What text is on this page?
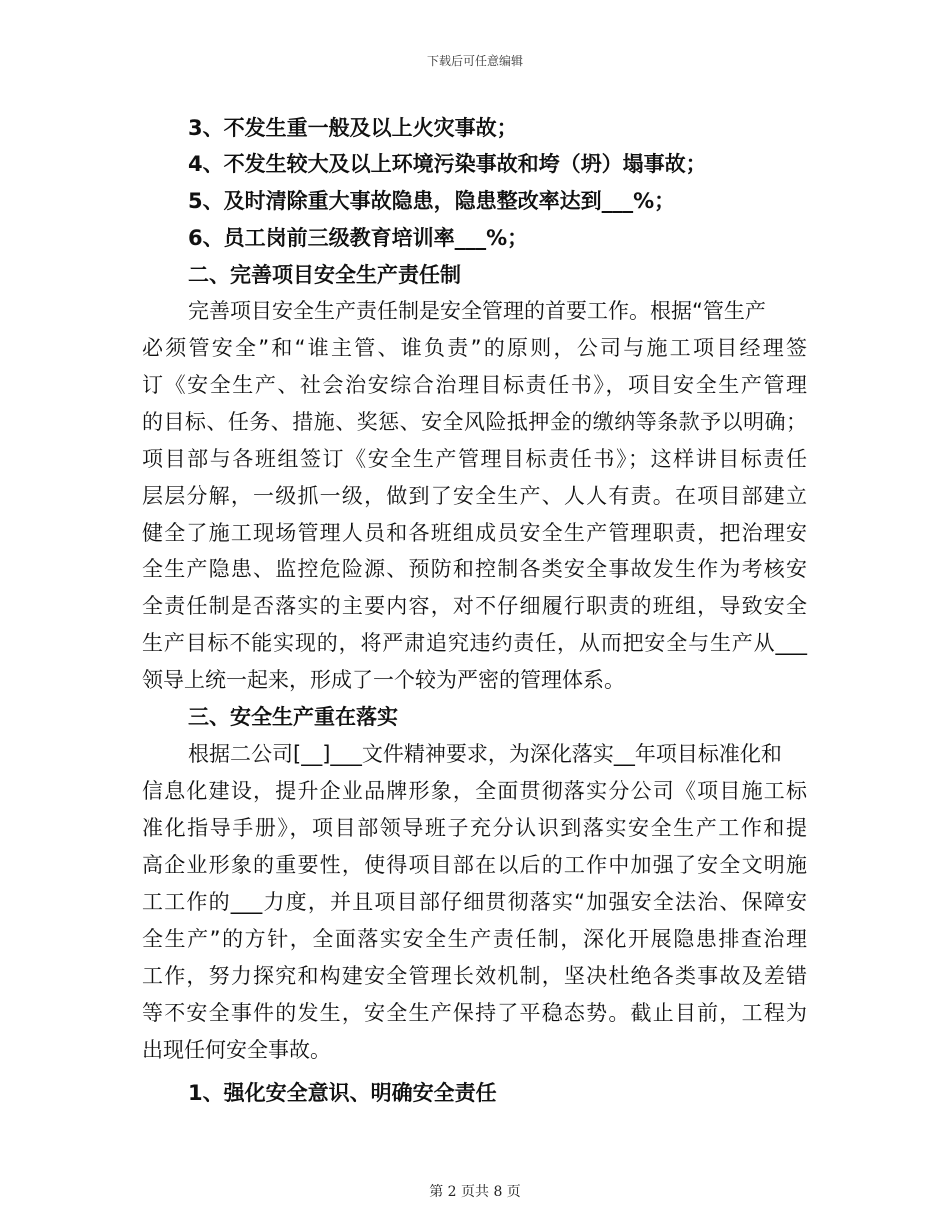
下载后可任意编辑
3、不发生重一般及以上火灾事故；
4、不发生较大及以上环境污染事故和垮（坍）塌事故；
5、及时清除重大事故隐患，隐患整改率达到___%；
6、员工岗前三级教育培训率___%；
二、完善项目安全生产责任制
完善项目安全生产责任制是安全管理的首要工作。根据“管生产
必须管安全”和“谁主管、谁负责”的原则，公司与施工项目经理签
订《安全生产、社会治安综合治理目标责任书》，项目安全生产管理
的目标、任务、措施、奖惩、安全风险抵押金的缴纳等条款予以明确；
项目部与各班组签订《安全生产管理目标责任书》；这样讲目标责任
层层分解，一级抓一级，做到了安全生产、人人有责。在项目部建立
健全了施工现场管理人员和各班组成员安全生产管理职责，把治理安
全生产隐患、监控危险源、预防和控制各类安全事故发生作为考核安
全责任制是否落实的主要内容，对不仔细履行职责的班组，导致安全
生产目标不能实现的，将严肃追究违约责任，从而把安全与生产从___
领导上统一起来，形成了一个较为严密的管理体系。
三、安全生产重在落实
根据二公司[__]___文件精神要求，为深化落实__年项目标准化和
信息化建设，提升企业品牌形象，全面贯彻落实分公司《项目施工标
准化指导手册》，项目部领导班子充分认识到落实安全生产工作和提
高企业形象的重要性，使得项目部在以后的工作中加强了安全文明施
工工作的___力度，并且项目部仔细贯彻落实“加强安全法治、保障安
全生产”的方针，全面落实安全生产责任制，深化开展隐患排查治理
工作，努力探究和构建安全管理长效机制，坚决杜绝各类事故及差错
等不安全事件的发生，安全生产保持了平稳态势。截止目前，工程为
出现任何安全事故。
1、强化安全意识、明确安全责任
第 2 页共 8 页
